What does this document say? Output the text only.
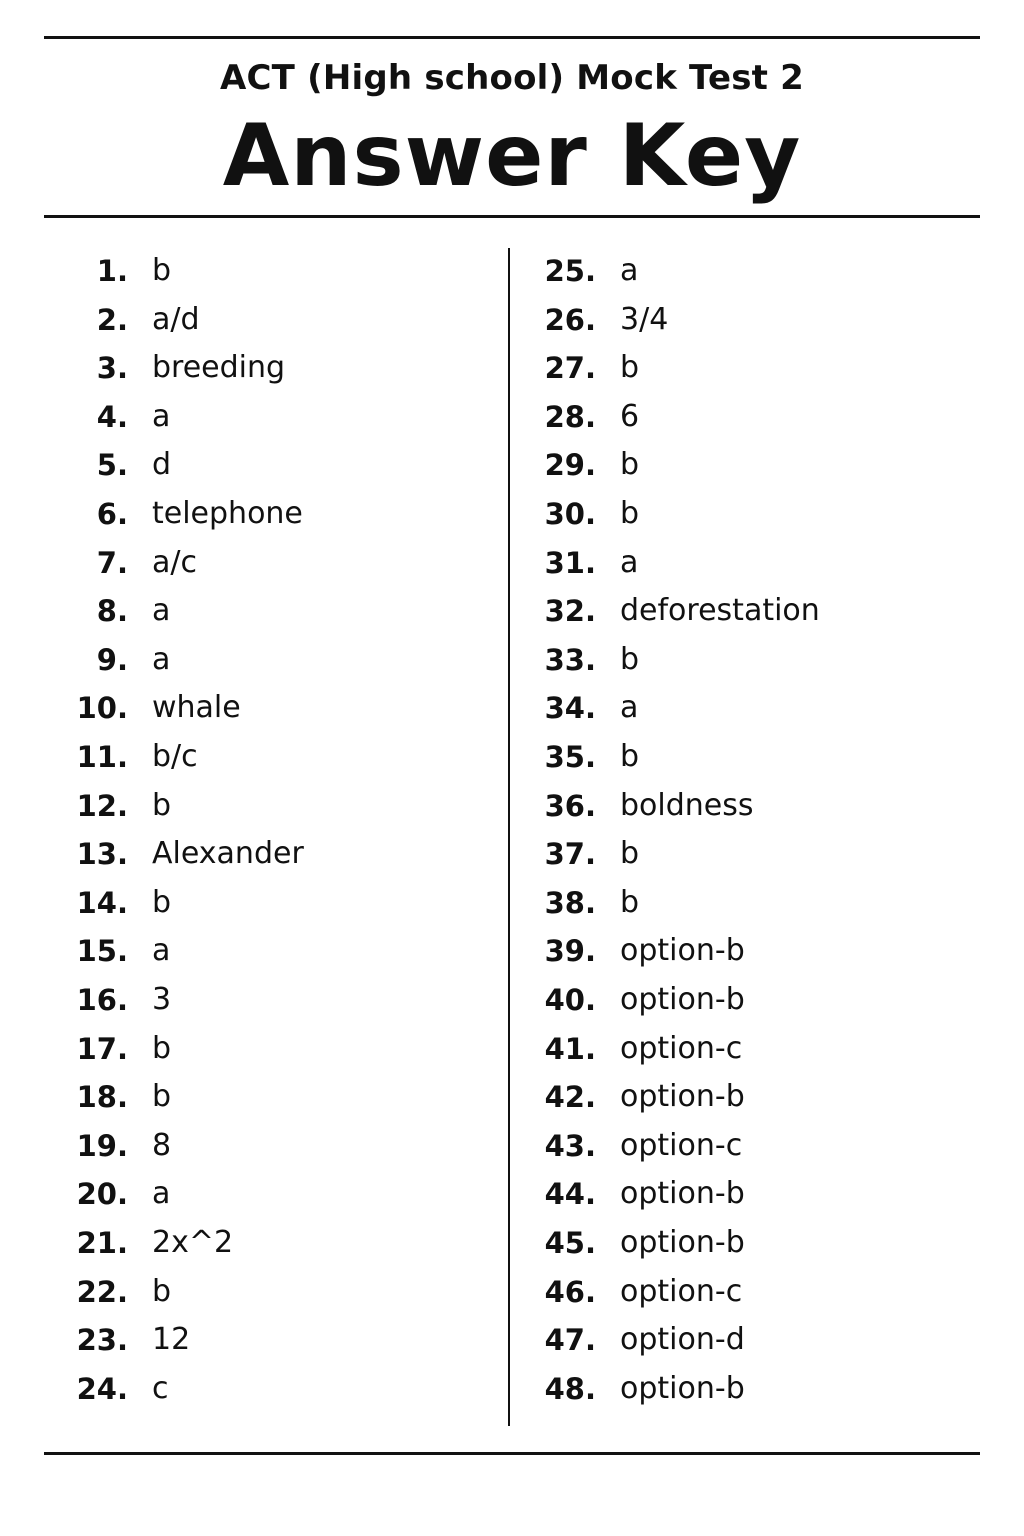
ACT (High school) Mock Test 2
Answer Key
1. b
2. a/d
3. breeding
4. a
5. d
6. telephone
7. a/c
8. a
9. a
10. whale
11. b/c
12. b
13. Alexander
14. b
15. a
16. 3
17. b
18. b
19. 8
20. a
21. 2x^2
22. b
23. 12
24. c
25. a
26. 3/4
27. b
28. 6
29. b
30. b
31. a
32. deforestation
33. b
34. a
35. b
36. boldness
37. b
38. b
39. option-b
40. option-b
41. option-c
42. option-b
43. option-c
44. option-b
45. option-b
46. option-c
47. option-d
48. option-b
